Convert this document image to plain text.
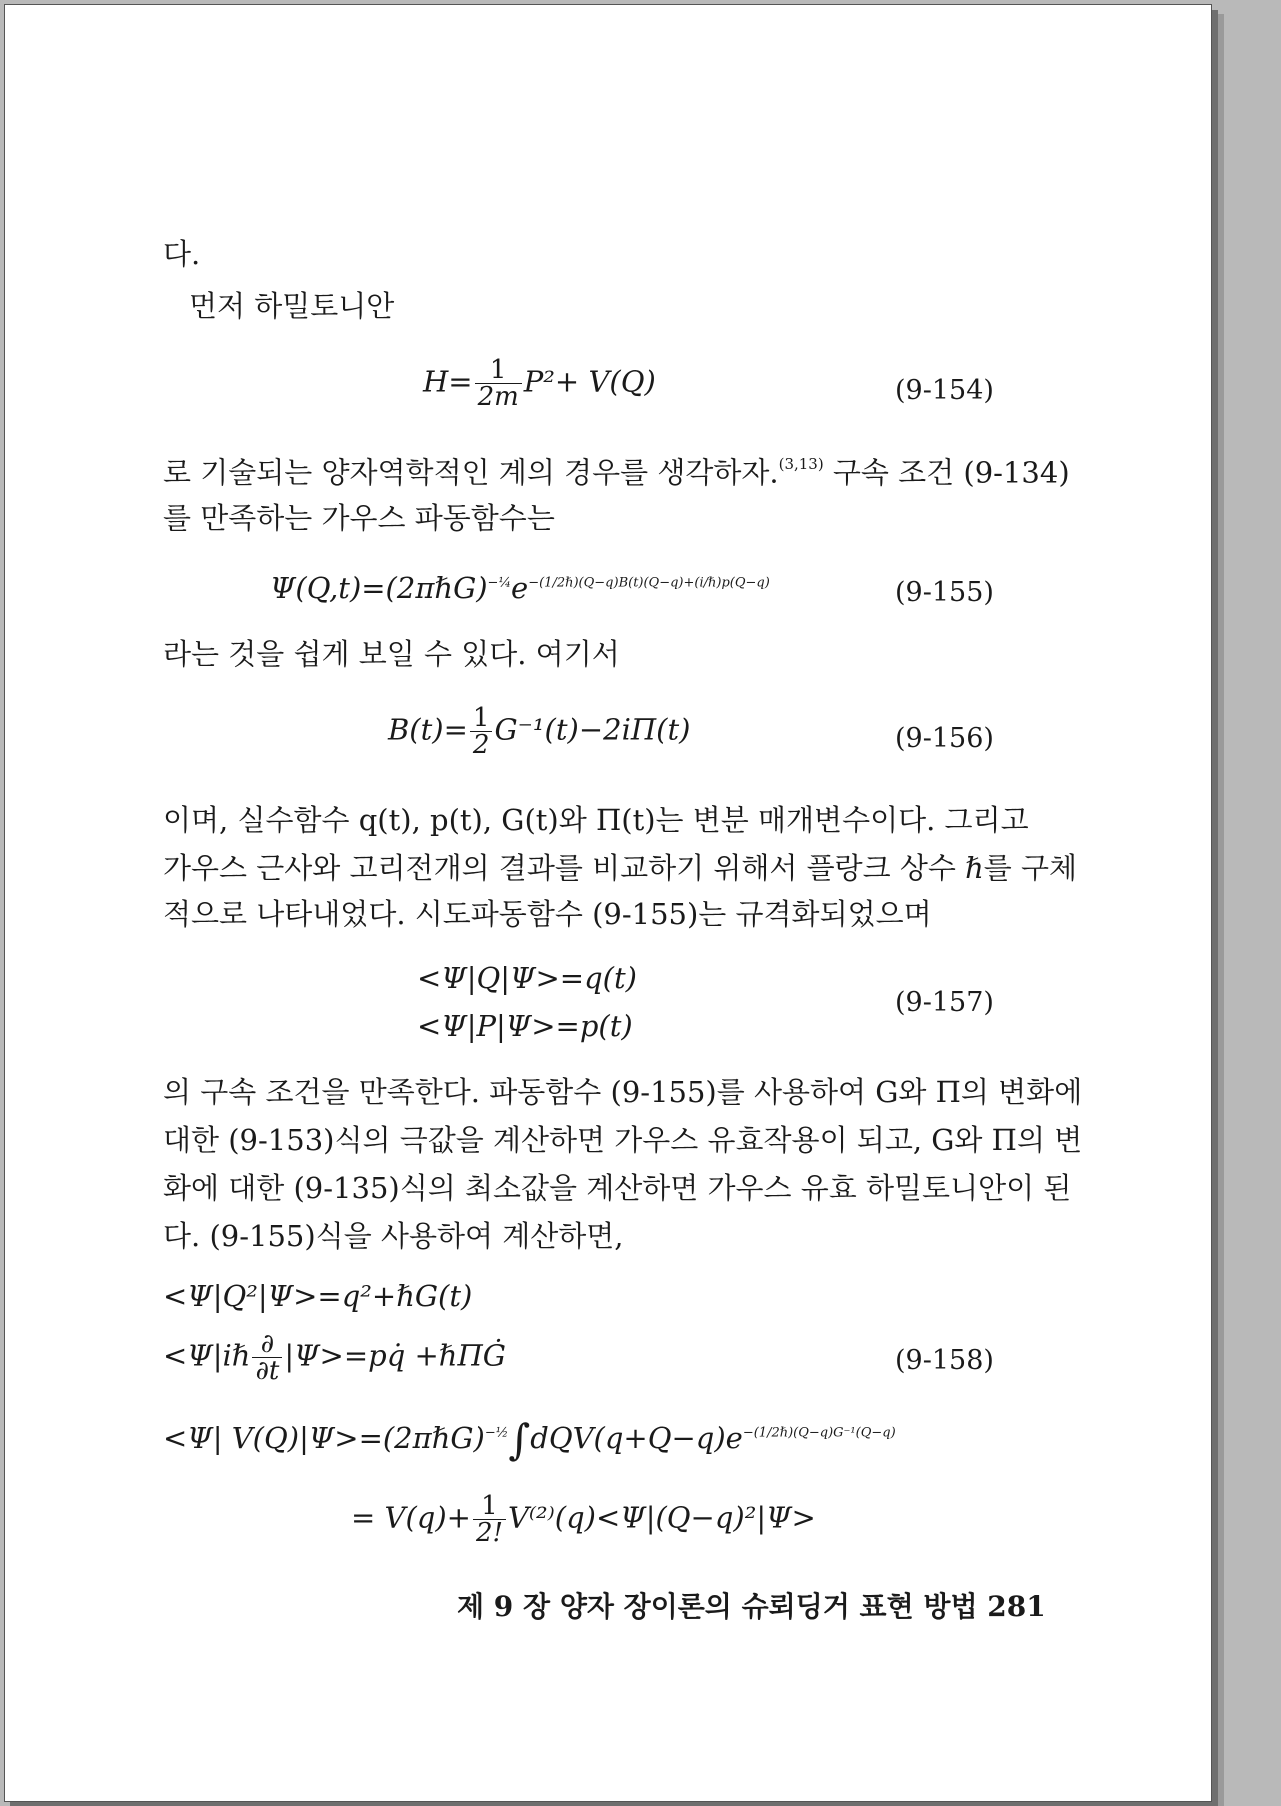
다.
먼저 하밀토니안
$H= \frac{1}{2m} P^2+ V(Q)$	(9-154)
로 기술되는 양자역학적인 계의 경우를 생각하자.$^{(3,13)}$ 구속 조건 (9-134)
를 만족하는 가우스 파동함수는
$\Psi(Q,t)=(2\pi\hbar G)^{-\frac{1}{4}}e^{-(1/2\hbar)(Q-q)B(t)(Q-q)+(i/\hbar)p(Q-q)}$	(9-155)
라는 것을 쉽게 보일 수 있다. 여기서
$B(t)= \frac{1}{2} G^{-1}(t)-2i\Pi(t)$	(9-156)
이며, 실수함수 q(t), p(t), G(t)와 Π(t)는 변분 매개변수이다. 그리고
가우스 근사와 고리전개의 결과를 비교하기 위해서 플랑크 상수 ℏ를 구체
적으로 나타내었다. 시도파동함수 (9-155)는 규격화되었으며
<Ψ|Q|Ψ>=q(t)
<Ψ|P|Ψ>=p(t)
(9-157)
의 구속 조건을 만족한다. 파동함수 (9-155)를 사용하여 G와 Π의 변화에
대한 (9-153)식의 극값을 계산하면 가우스 유효작용이 되고, G와 Π의 변
화에 대한 (9-135)식의 최소값을 계산하면 가우스 유효 하밀토니안이 된
다. (9-155)식을 사용하여 계산하면,
<Ψ|Q²|Ψ>=q²+ℏG(t)
<Ψ|iℏ $\frac{\partial}{\partial t}$ |Ψ>=pq̇ +ℏΠĠ	(9-158)
<Ψ| $V(Q)|\Psi>=(2\pi\hbar G)^{-\frac{1}{2}}\int dQV(q+Q-q)e^{-(1/2\hbar)(Q-q)G^{-1}(Q-q)}$
= $V(q)+ \frac{1}{2!} V^{(2)}(q)<\Psi|(Q-q)^2|\Psi>$
제 9 장 양자 장이론의 슈뢰딩거 표현 방법 281
